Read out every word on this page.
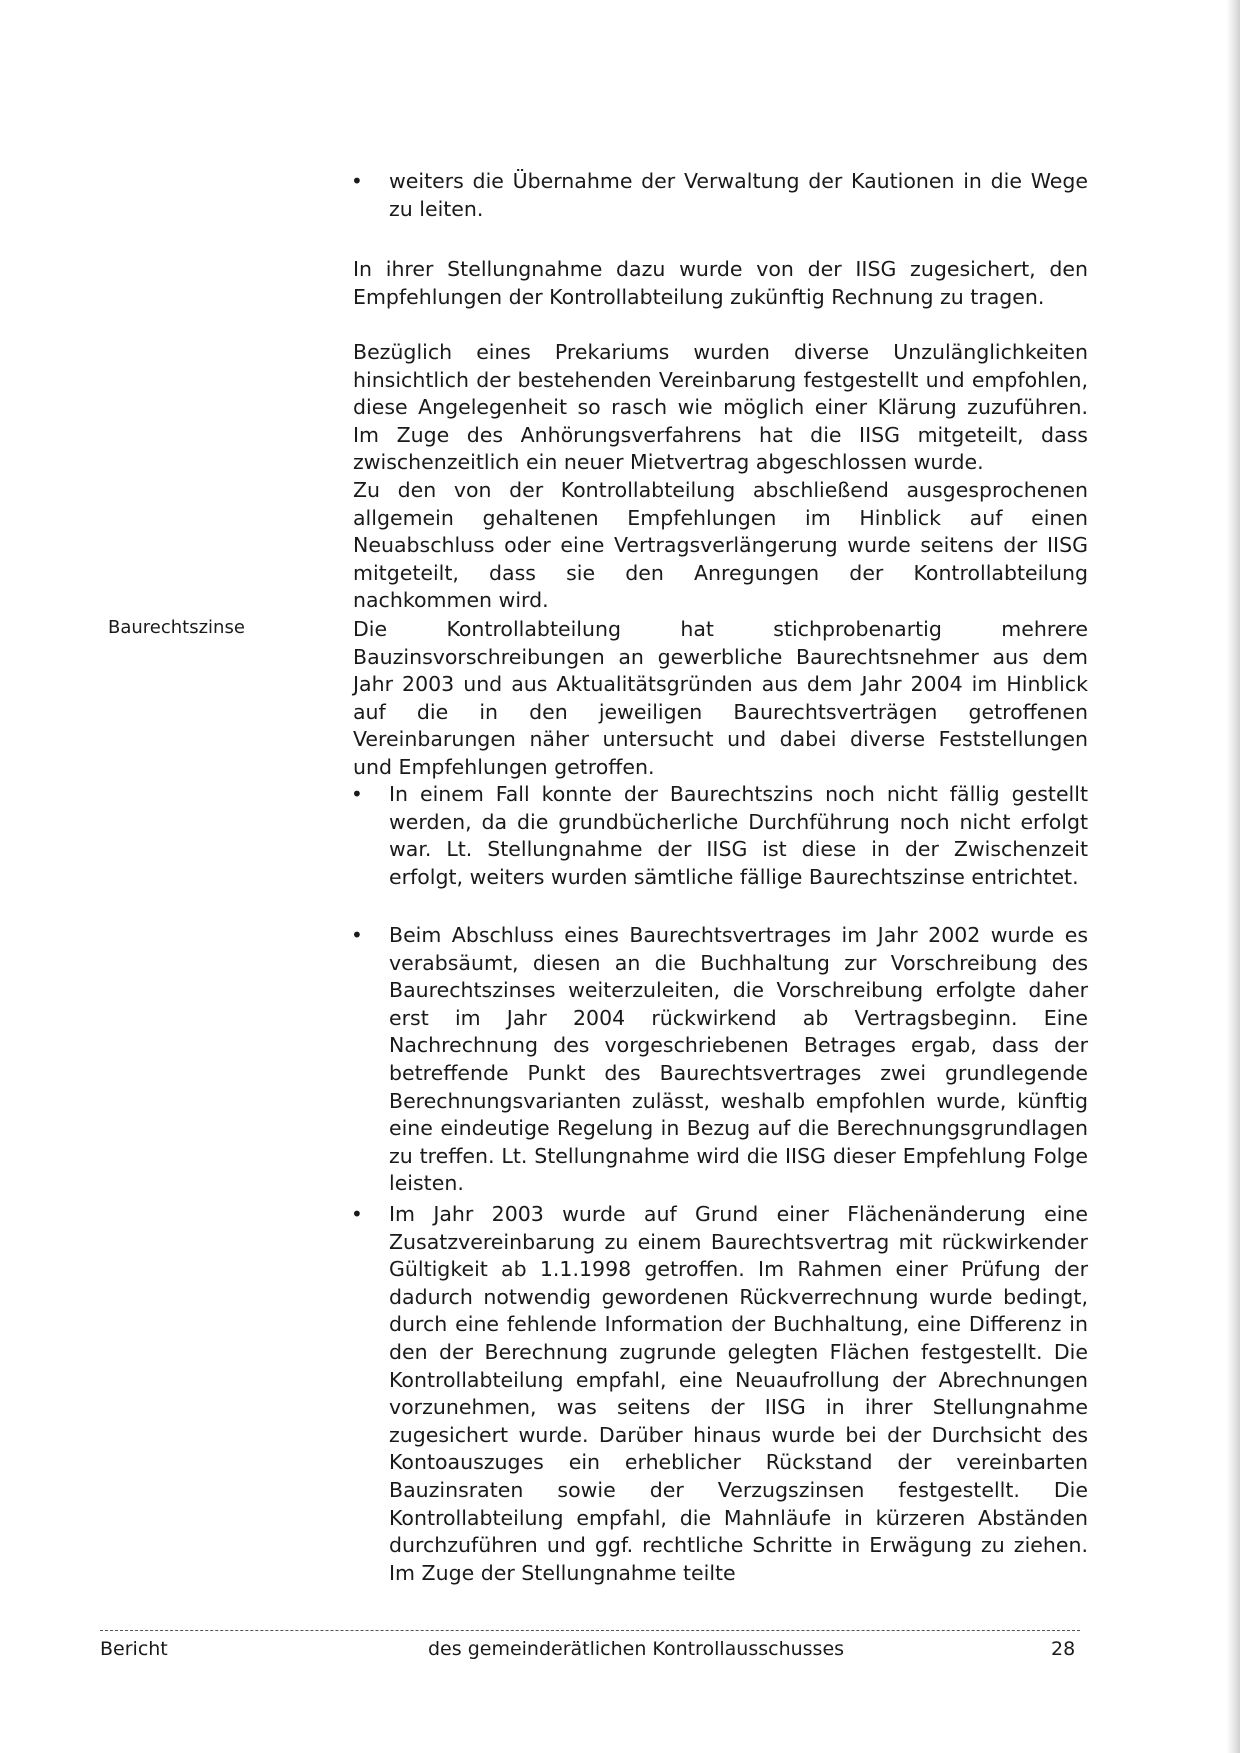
Baurechtszinse

• weiters die Übernahme der Verwaltung der Kautionen in die Wege zu leiten.

In ihrer Stellungnahme dazu wurde von der IISG zugesichert, den Empfehlungen der Kontrollabteilung zukünftig Rechnung zu tragen.

Bezüglich eines Prekariums wurden diverse Unzulänglichkeiten hinsichtlich der bestehenden Vereinbarung festgestellt und empfohlen, diese Angelegenheit so rasch wie möglich einer Klärung zuzuführen. Im Zuge des Anhörungsverfahrens hat die IISG mitgeteilt, dass zwischenzeitlich ein neuer Mietvertrag abgeschlossen wurde.

Zu den von der Kontrollabteilung abschließend ausgesprochenen allgemein gehaltenen Empfehlungen im Hinblick auf einen Neuabschluss oder eine Vertragsverlängerung wurde seitens der IISG mitgeteilt, dass sie den Anregungen der Kontrollabteilung nachkommen wird.

Die Kontrollabteilung hat stichprobenartig mehrere Bauzinsvorschreibungen an gewerbliche Baurechtsnehmer aus dem Jahr 2003 und aus Aktualitätsgründen aus dem Jahr 2004 im Hinblick auf die in den jeweiligen Baurechtsverträgen getroffenen Vereinbarungen näher untersucht und dabei diverse Feststellungen und Empfehlungen getroffen.

• In einem Fall konnte der Baurechtszins noch nicht fällig gestellt werden, da die grundbücherliche Durchführung noch nicht erfolgt war. Lt. Stellungnahme der IISG ist diese in der Zwischenzeit erfolgt, weiters wurden sämtliche fällige Baurechtszinse entrichtet.

• Beim Abschluss eines Baurechtsvertrages im Jahr 2002 wurde es verabsäumt, diesen an die Buchhaltung zur Vorschreibung des Baurechtszinses weiterzuleiten, die Vorschreibung erfolgte daher erst im Jahr 2004 rückwirkend ab Vertragsbeginn. Eine Nachrechnung des vorgeschriebenen Betrages ergab, dass der betreffende Punkt des Baurechtsvertrages zwei grundlegende Berechnungsvarianten zulässt, weshalb empfohlen wurde, künftig eine eindeutige Regelung in Bezug auf die Berechnungsgrundlagen zu treffen. Lt. Stellungnahme wird die IISG dieser Empfehlung Folge leisten.

• Im Jahr 2003 wurde auf Grund einer Flächenänderung eine Zusatzvereinbarung zu einem Baurechtsvertrag mit rückwirkender Gültigkeit ab 1.1.1998 getroffen. Im Rahmen einer Prüfung der dadurch notwendig gewordenen Rückverrechnung wurde bedingt, durch eine fehlende Information der Buchhaltung, eine Differenz in den der Berechnung zugrunde gelegten Flächen festgestellt. Die Kontrollabteilung empfahl, eine Neuaufrollung der Abrechnungen vorzunehmen, was seitens der IISG in ihrer Stellungnahme zugesichert wurde. Darüber hinaus wurde bei der Durchsicht des Kontoauszuges ein erheblicher Rückstand der vereinbarten Bauzinsraten sowie der Verzugszinsen festgestellt. Die Kontrollabteilung empfahl, die Mahnläufe in kürzeren Abständen durchzuführen und ggf. rechtliche Schritte in Erwägung zu ziehen. Im Zuge der Stellungnahme teilte

Bericht	des gemeinderätlichen Kontrollausschusses	28
